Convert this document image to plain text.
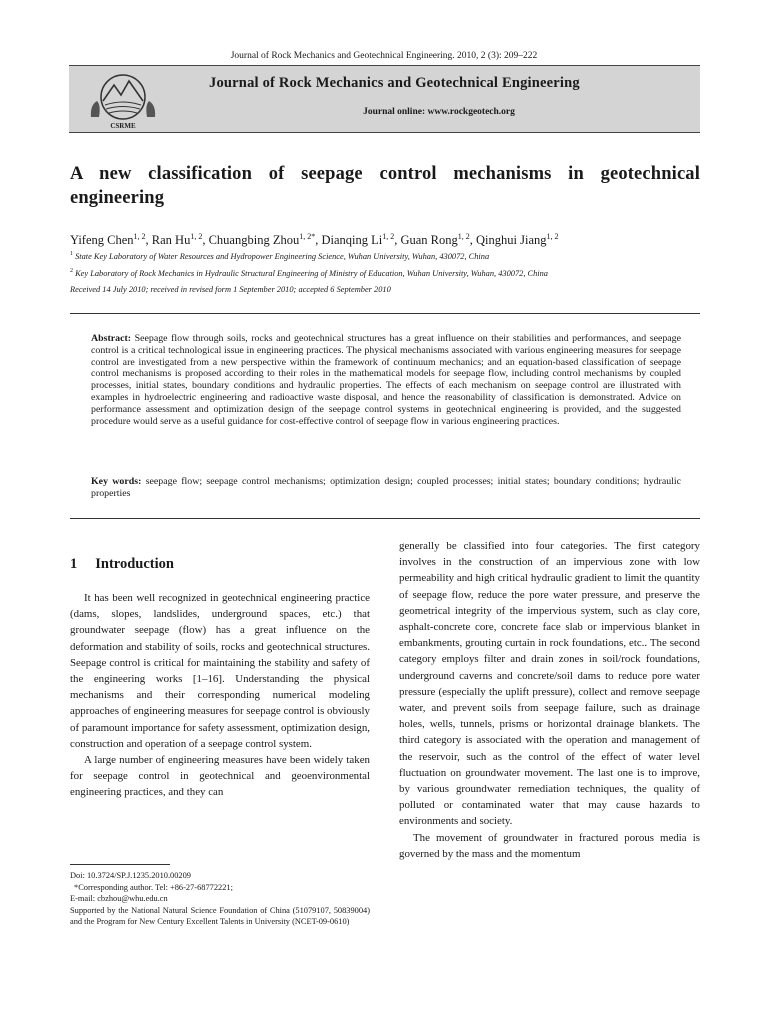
Journal of Rock Mechanics and Geotechnical Engineering. 2010, 2 (3): 209–222
CSRME
Journal of Rock Mechanics and Geotechnical Engineering
Journal online: www.rockgeotech.org
A new classification of seepage control mechanisms in geotechnical engineering
Yifeng Chen$^{1, 2}$, Ran Hu$^{1, 2}$, Chuangbing Zhou$^{1, 2*}$, Dianqing Li$^{1, 2}$, Guan Rong$^{1, 2}$, Qinghui Jiang$^{1, 2}$
$^1$ State Key Laboratory of Water Resources and Hydropower Engineering Science, Wuhan University, Wuhan, 430072, China
$^2$ Key Laboratory of Rock Mechanics in Hydraulic Structural Engineering of Ministry of Education, Wuhan University, Wuhan, 430072, China
Received 14 July 2010; received in revised form 1 September 2010; accepted 6 September 2010
Abstract: Seepage flow through soils, rocks and geotechnical structures has a great influence on their stabilities and performances, and seepage control is a critical technological issue in engineering practices. The physical mechanisms associated with various engineering measures for seepage control are investigated from a new perspective within the framework of continuum mechanics; and an equation-based classification of seepage control mechanisms is proposed according to their roles in the mathematical models for seepage flow, including control mechanisms by coupled processes, initial states, boundary conditions and hydraulic properties. The effects of each mechanism on seepage control are illustrated with examples in hydroelectric engineering and radioactive waste disposal, and hence the reasonability of classification is demonstrated. Advice on performance assessment and optimization design of the seepage control systems in geotechnical engineering is provided, and the suggested procedure would serve as a useful guidance for cost-effective control of seepage flow in various engineering practices.
Key words: seepage flow; seepage control mechanisms; optimization design; coupled processes; initial states; boundary conditions; hydraulic properties
1 Introduction

It has been well recognized in geotechnical engineering practice (dams, slopes, landslides, underground spaces, etc.) that groundwater seepage (flow) has a great influence on the deformation and stability of soils, rocks and geotechnical structures. Seepage control is critical for maintaining the stability and safety of the engineering works [1–16]. Understanding the physical mechanisms and their corresponding numerical modeling approaches of engineering measures for seepage control is obviously of paramount importance for safety assessment, optimization design, construction and operation of a seepage control system.

A large number of engineering measures have been widely taken for seepage control in geotechnical and geoenvironmental engineering practices, and they can

generally be classified into four categories. The first category involves in the construction of an impervious zone with low permeability and high critical hydraulic gradient to limit the quantity of seepage flow, reduce the pore water pressure, and preserve the geometrical integrity of the impervious system, such as clay core, asphalt-concrete core, concrete face slab or impervious blanket in embankments, grouting curtain in rock foundations, etc.. The second category employs filter and drain zones in soil/rock foundations, underground caverns and concrete/soil dams to reduce pore water pressure (especially the uplift pressure), collect and remove seepage water, and prevent soils from seepage failure, such as drainage holes, wells, tunnels, prisms or horizontal drainage blankets. The third category is associated with the operation and management of the reservoir, such as the control of the effect of water level fluctuation on groundwater movement. The last one is to improve, by various groundwater remediation techniques, the quality of polluted or contaminated water that may cause hazards to environments and society.

The movement of groundwater in fractured porous media is governed by the mass and the momentum

Doi: 10.3724/SP.J.1235.2010.00209
*Corresponding author. Tel: +86-27-68772221;
E-mail: cbzhou@whu.edu.cn
Supported by the National Natural Science Foundation of China (51079107, 50839004) and the Program for New Century Excellent Talents in University (NCET-09-0610)
